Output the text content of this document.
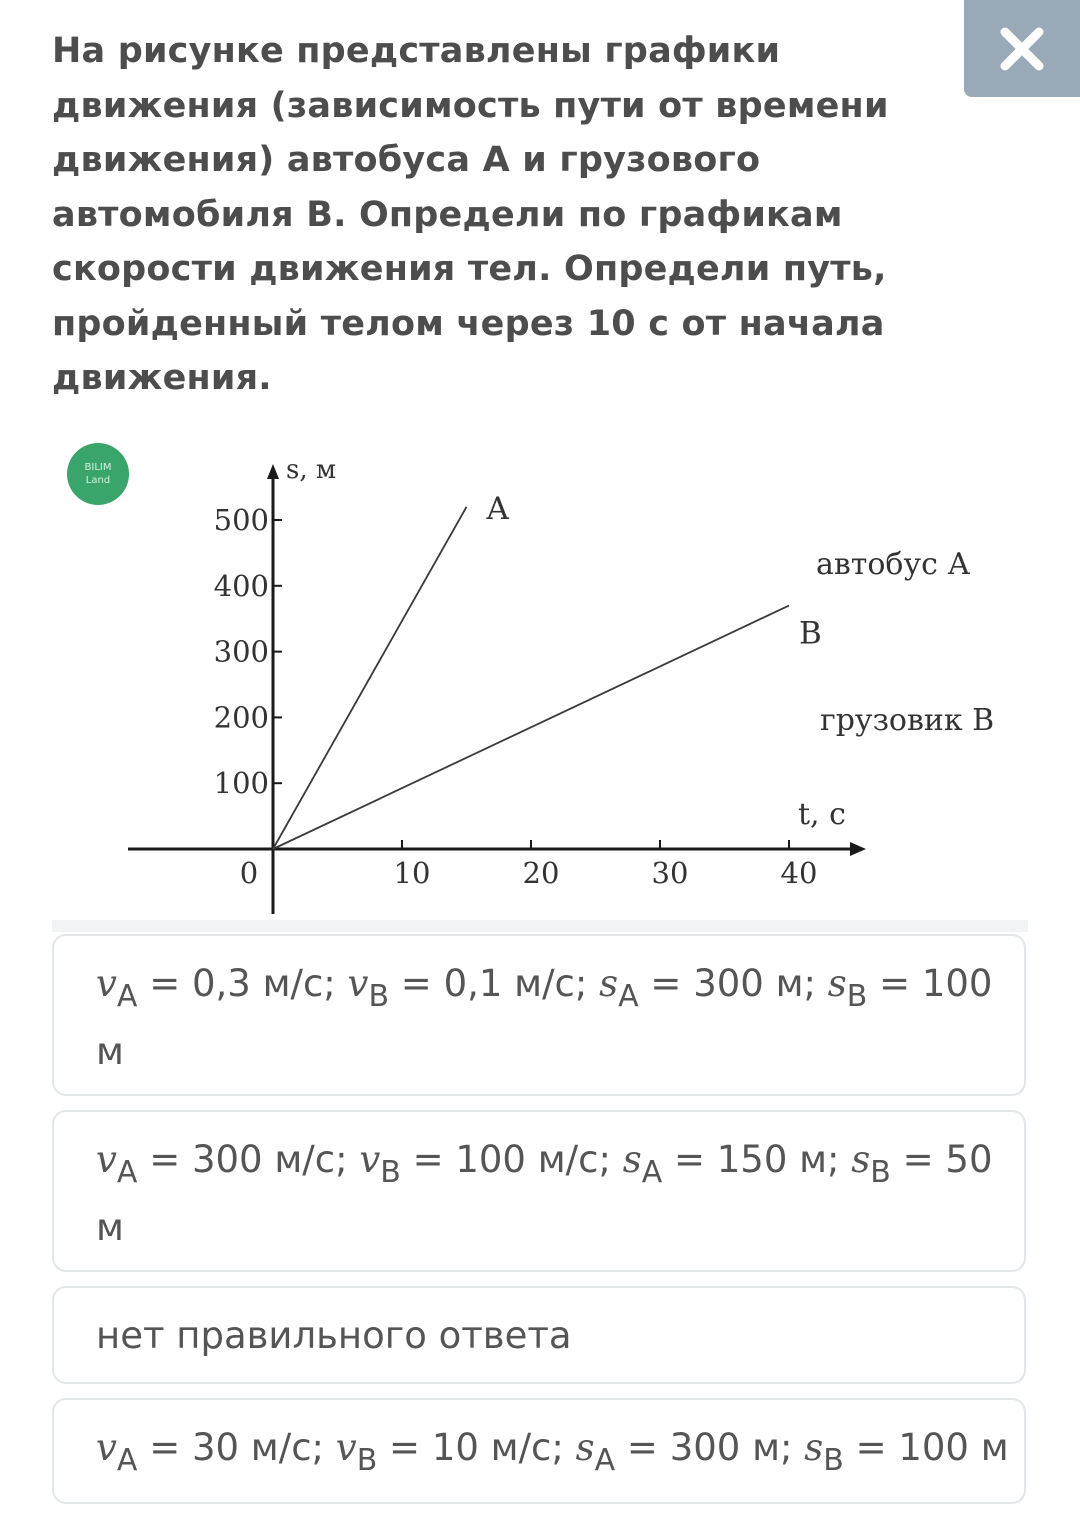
На рисунке представлены графики
движения (зависимость пути от времени
движения) автобуса А и грузового
автомобиля В. Определи по графикам
скорости движения тел. Определи путь,
пройденный телом через 10 с от начала
движения.
BILIM
Land
0	10	20	30	40
100
200
300
400
500	A
B
s, м
t, с
автобус А
грузовик В
𝑣$_A$ = 0,3 м/с; 𝑣$_B$ = 0,1 м/с; 𝑠$_A$ = 300 м; 𝑠$_B$ = 100
м
𝑣$_A$ = 300 м/с; 𝑣$_B$ = 100 м/с; 𝑠$_A$ = 150 м; 𝑠$_B$ = 50
м
нет правильного ответа
𝑣$_A$ = 30 м/с; 𝑣$_B$ = 10 м/с; 𝑠$_A$ = 300 м; 𝑠$_B$ = 100 м
